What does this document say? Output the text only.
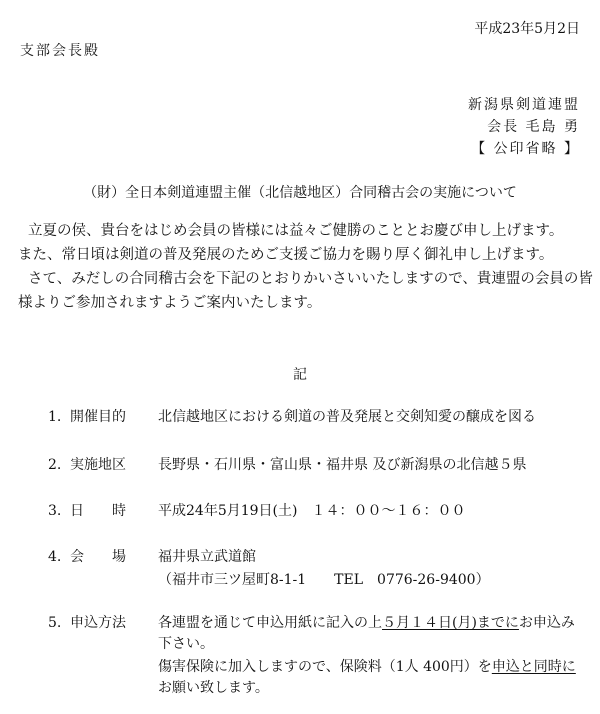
平成23年5月2日
支部会長殿
新潟県剣道連盟
会長 毛島 勇
【 公印省略 】
（財）全日本剣道連盟主催（北信越地区）合同稽古会の実施について
立夏の侯、貴台をはじめ会員の皆様には益々ご健勝のこととお慶び申し上げます。
また、常日頃は剣道の普及発展のためご支援ご協力を賜り厚く御礼申し上げます。
さて、みだしの合同稽古会を下記のとおりかいさいいたしますので、貴連盟の会員の皆
様よりご参加されますようご案内いたします。
記
1. 開催目的 北信越地区における剣道の普及発展と交剣知愛の醸成を図る
2. 実施地区 長野県・石川県・富山県・福井県 及び新潟県の北信越５県
3. 日　　時 平成24年5月19日(土)　１４：００～１６：００
4. 会　　場 福井県立武道館
（福井市三ツ屋町8-1-1　　TEL　0776-26-9400）
5. 申込方法 各連盟を通じて申込用紙に記入の上５月１４日(月)までにお申込み
下さい。
傷害保険に加入しますので、保険料（1人 400円）を申込と同時に
お願い致します。
